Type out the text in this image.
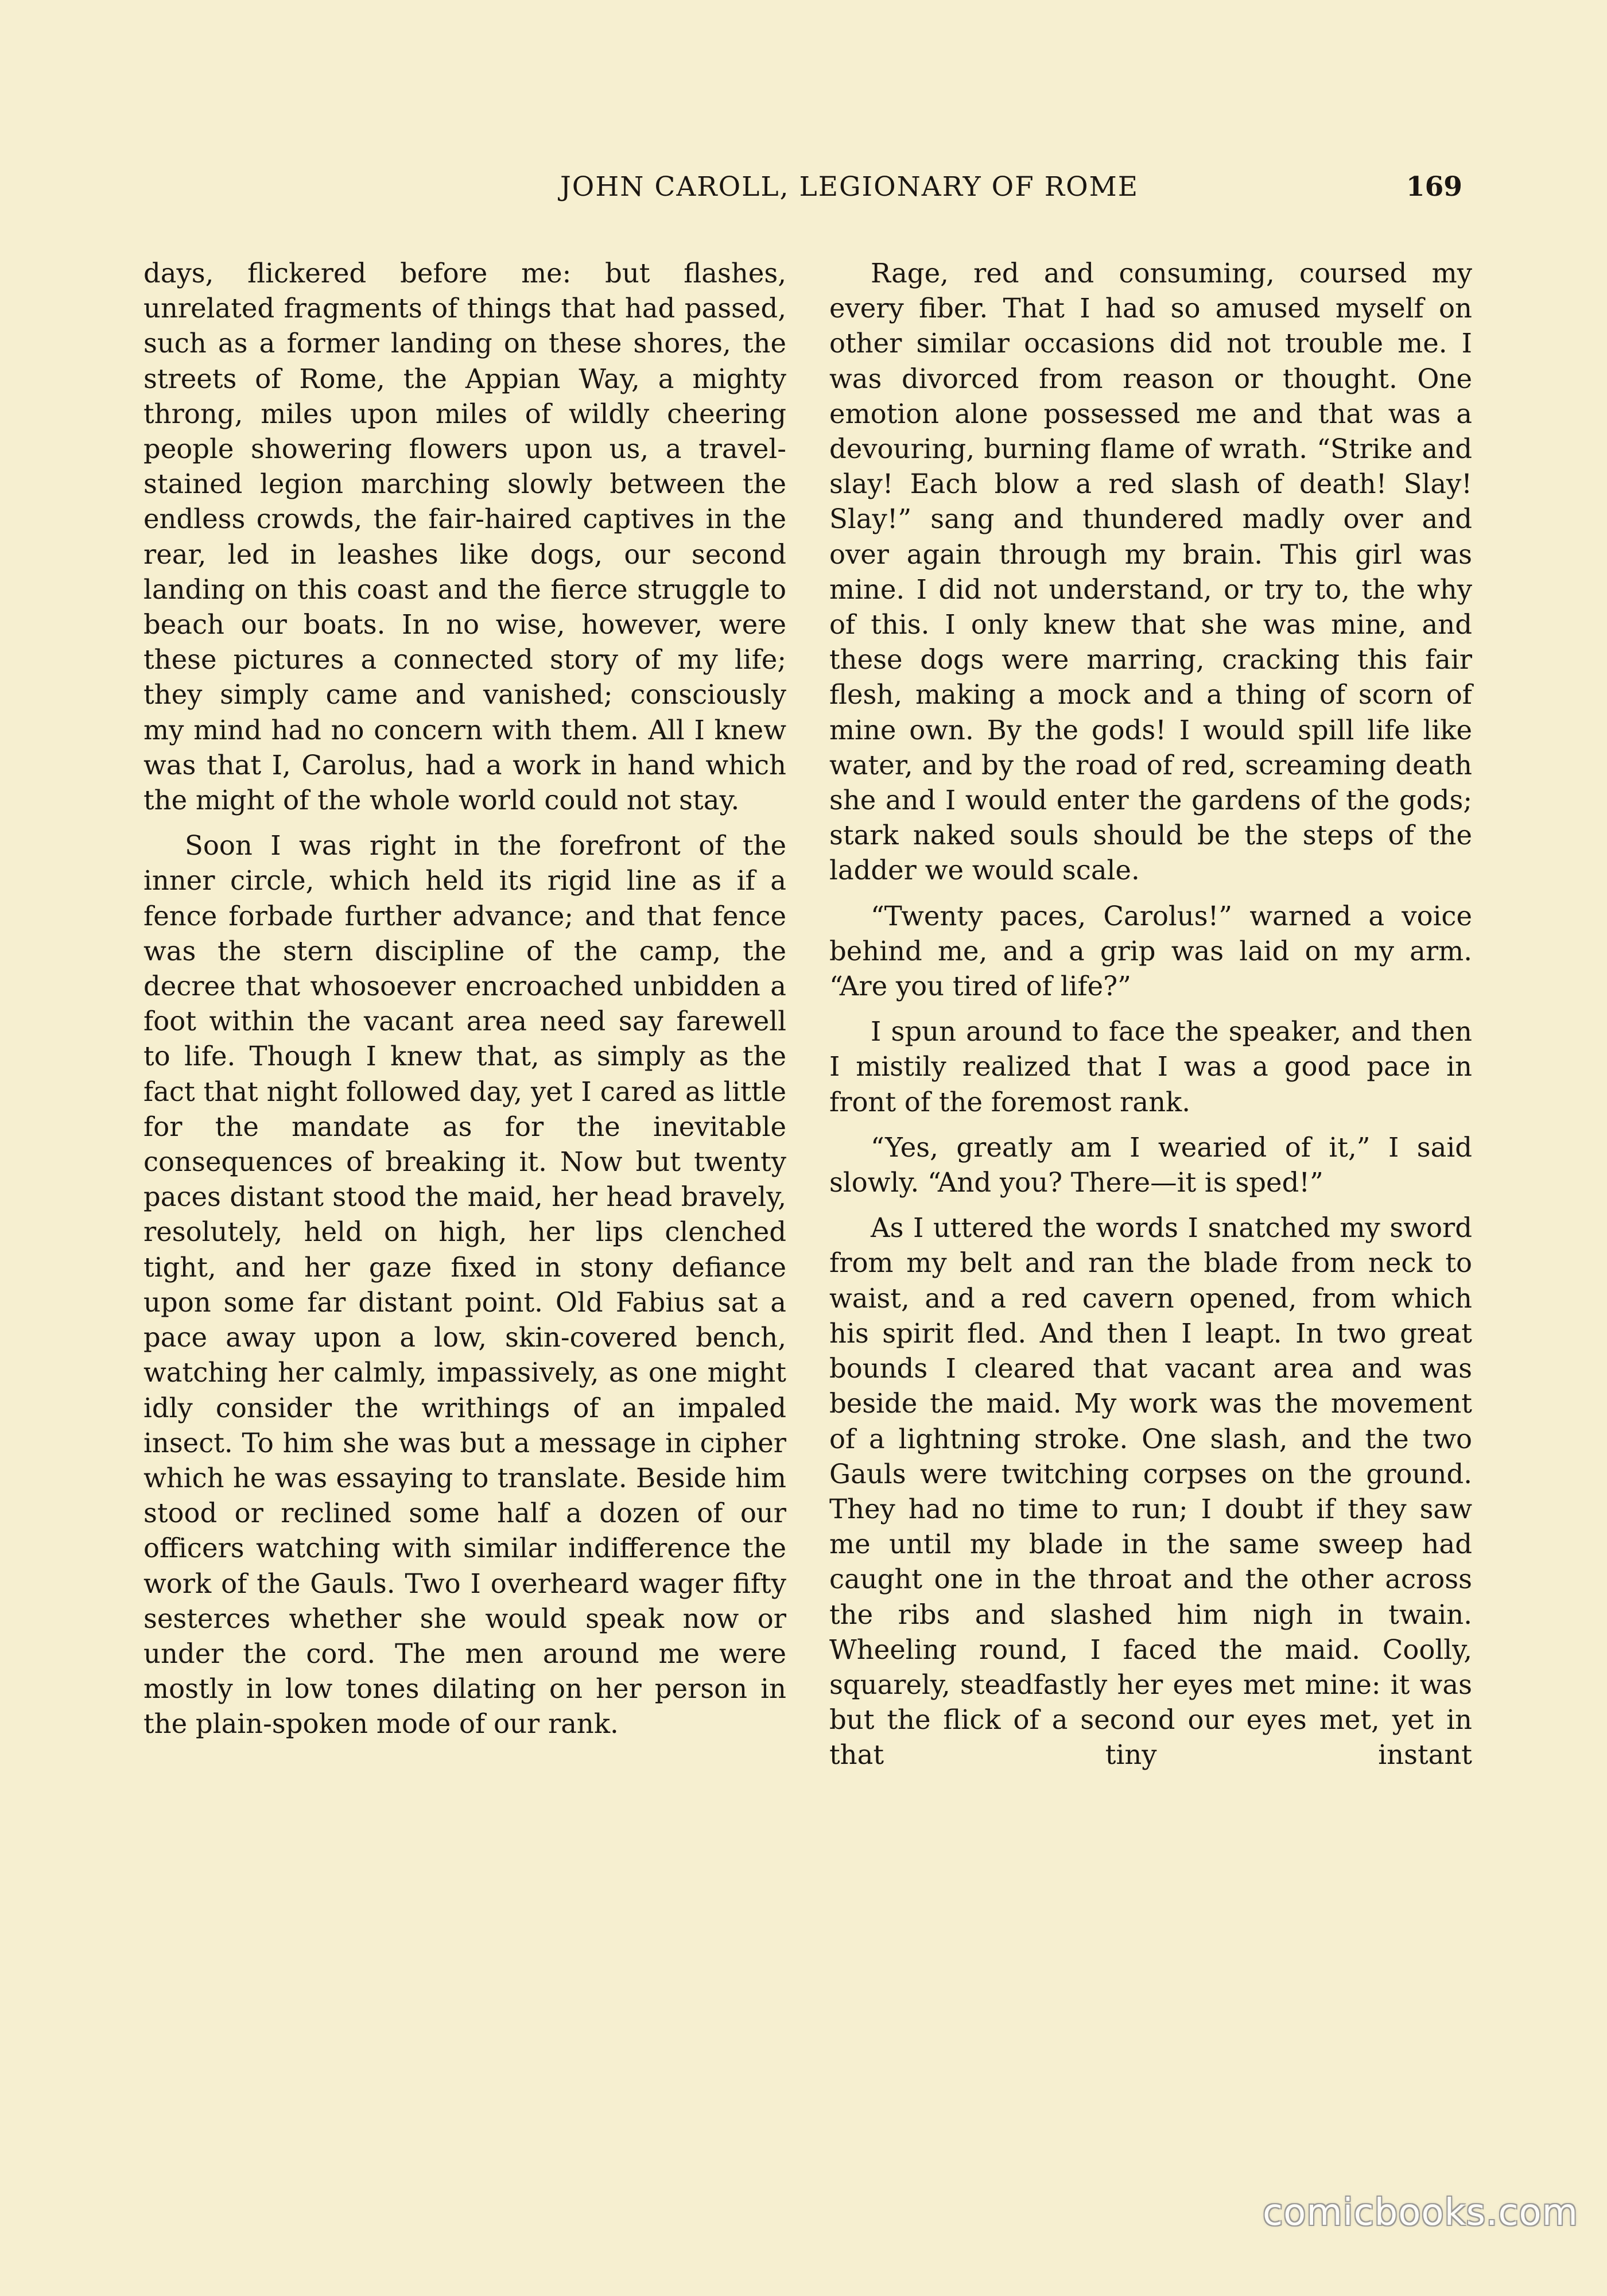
JOHN CAROLL, LEGIONARY OF ROME	169

days, flickered before me: but flashes, unrelated fragments of things that had passed, such as a former landing on these shores, the streets of Rome, the Appian Way, a mighty throng, miles upon miles of wildly cheering people showering flowers upon us, a travel-stained legion marching slowly between the endless crowds, the fair-haired captives in the rear, led in leashes like dogs, our second landing on this coast and the fierce struggle to beach our boats. In no wise, however, were these pictures a connected story of my life; they simply came and vanished; consciously my mind had no concern with them. All I knew was that I, Carolus, had a work in hand which the might of the whole world could not stay.

Soon I was right in the forefront of the inner circle, which held its rigid line as if a fence forbade further advance; and that fence was the stern discipline of the camp, the decree that whosoever encroached unbidden a foot within the vacant area need say farewell to life. Though I knew that, as simply as the fact that night followed day, yet I cared as little for the mandate as for the inevitable consequences of breaking it. Now but twenty paces distant stood the maid, her head bravely, resolutely, held on high, her lips clenched tight, and her gaze fixed in stony defiance upon some far distant point. Old Fabius sat a pace away upon a low, skin-covered bench, watching her calmly, impassively, as one might idly consider the writhings of an impaled insect. To him she was but a message in cipher which he was essaying to translate. Beside him stood or reclined some half a dozen of our officers watching with similar indifference the work of the Gauls. Two I overheard wager fifty sesterces whether she would speak now or under the cord. The men around me were mostly in low tones dilating on her person in the plain-spoken mode of our rank.

Rage, red and consuming, coursed my every fiber. That I had so amused myself on other similar occasions did not trouble me. I was divorced from reason or thought. One emotion alone possessed me and that was a devouring, burning flame of wrath. “Strike and slay! Each blow a red slash of death! Slay! Slay!” sang and thundered madly over and over again through my brain. This girl was mine. I did not understand, or try to, the why of this. I only knew that she was mine, and these dogs were marring, cracking this fair flesh, making a mock and a thing of scorn of mine own. By the gods! I would spill life like water, and by the road of red, screaming death she and I would enter the gardens of the gods; stark naked souls should be the steps of the ladder we would scale.

“Twenty paces, Carolus!” warned a voice behind me, and a grip was laid on my arm. “Are you tired of life?”

I spun around to face the speaker, and then I mistily realized that I was a good pace in front of the foremost rank.

“Yes, greatly am I wearied of it,” I said slowly. “And you? There—it is sped!”

As I uttered the words I snatched my sword from my belt and ran the blade from neck to waist, and a red cavern opened, from which his spirit fled. And then I leapt. In two great bounds I cleared that vacant area and was beside the maid. My work was the movement of a lightning stroke. One slash, and the two Gauls were twitching corpses on the ground. They had no time to run; I doubt if they saw me until my blade in the same sweep had caught one in the throat and the other across the ribs and slashed him nigh in twain. Wheeling round, I faced the maid. Coolly, squarely, steadfastly her eyes met mine: it was but the flick of a second our eyes met, yet in that tiny instant

comicbooks.com
